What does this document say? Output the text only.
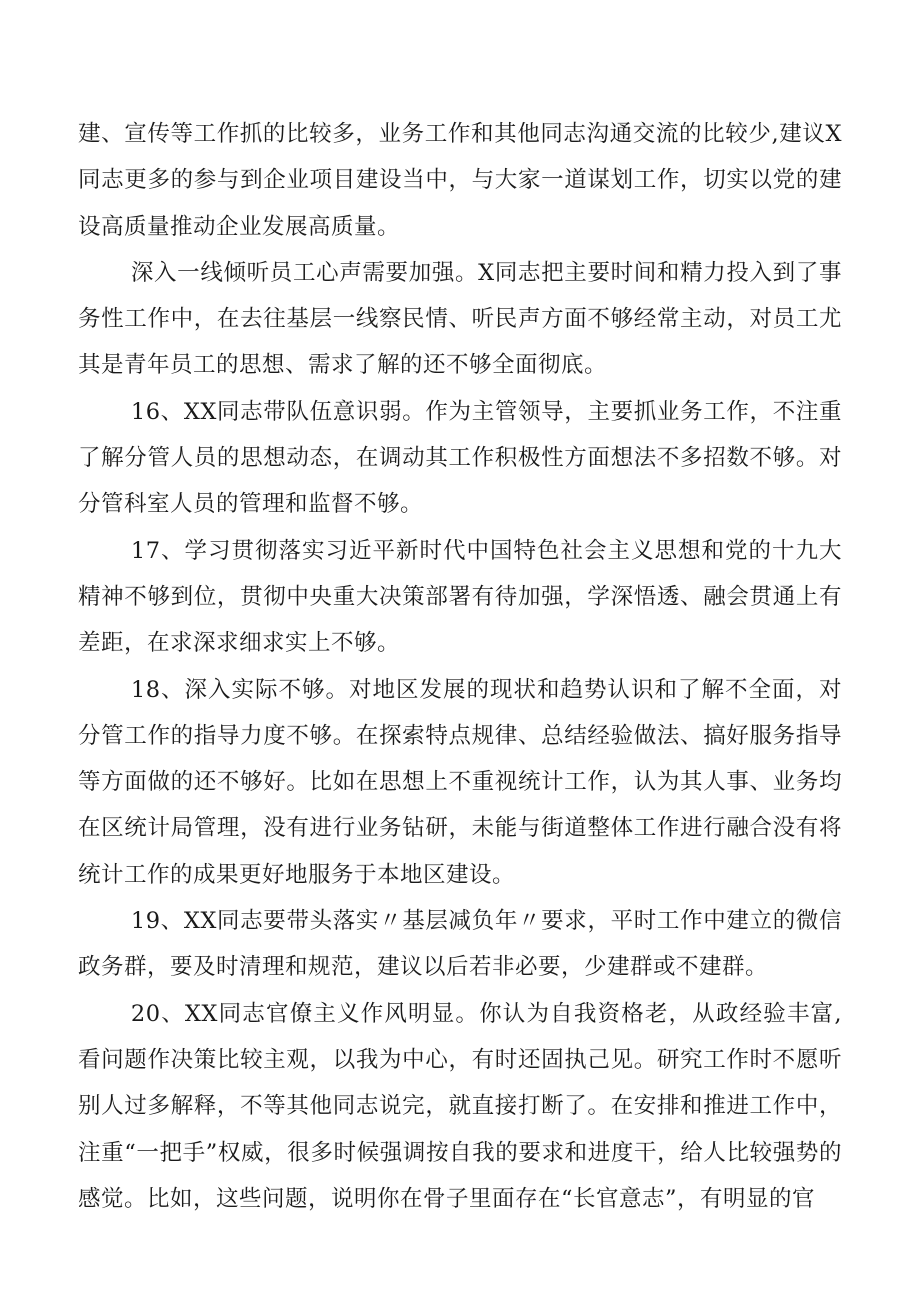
建、宣传等工作抓的比较多，业务工作和其他同志沟通交流的比较少,建议X同志更多的参与到企业项目建设当中，与大家一道谋划工作，切实以党的建设高质量推动企业发展高质量。

深入一线倾听员工心声需要加强。X同志把主要时间和精力投入到了事务性工作中，在去往基层一线察民情、听民声方面不够经常主动，对员工尤其是青年员工的思想、需求了解的还不够全面彻底。

16、XX同志带队伍意识弱。作为主管领导，主要抓业务工作，不注重了解分管人员的思想动态，在调动其工作积极性方面想法不多招数不够。对分管科室人员的管理和监督不够。

17、学习贯彻落实习近平新时代中国特色社会主义思想和党的十九大精神不够到位，贯彻中央重大决策部署有待加强，学深悟透、融会贯通上有差距，在求深求细求实上不够。

18、深入实际不够。对地区发展的现状和趋势认识和了解不全面，对分管工作的指导力度不够。在探索特点规律、总结经验做法、搞好服务指导等方面做的还不够好。比如在思想上不重视统计工作，认为其人事、业务均在区统计局管理，没有进行业务钻研，未能与街道整体工作进行融合没有将统计工作的成果更好地服务于本地区建设。

19、XX同志要带头落实〃基层减负年〃要求，平时工作中建立的微信政务群，要及时清理和规范，建议以后若非必要，少建群或不建群。

20、XX同志官僚主义作风明显。你认为自我资格老，从政经验丰富,看问题作决策比较主观，以我为中心，有时还固执己见。研究工作时不愿听别人过多解释，不等其他同志说完，就直接打断了。在安排和推进工作中，注重“一把手”权威，很多时候强调按自我的要求和进度干，给人比较强势的感觉。比如，这些问题，说明你在骨子里面存在“长官意志”，有明显的官
